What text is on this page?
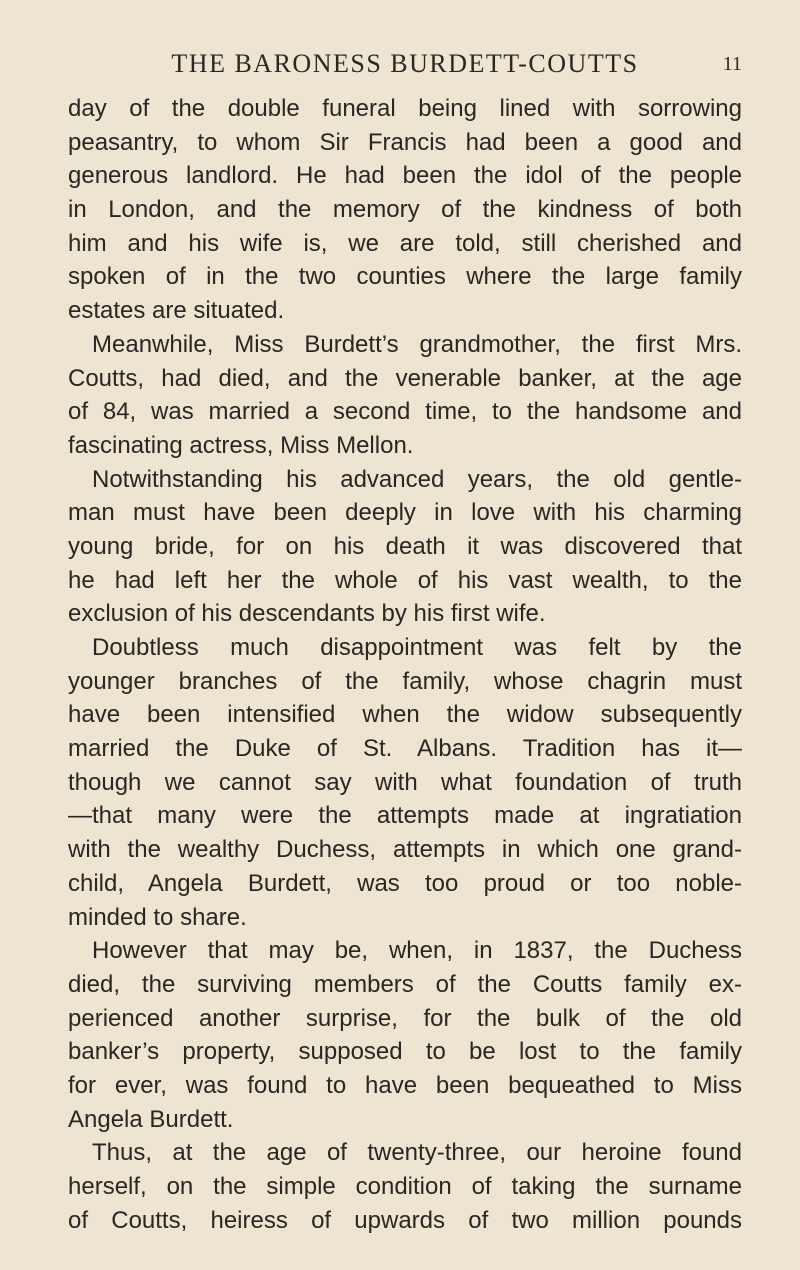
THE BARONESS BURDETT-COUTTS	11
day of the double funeral being lined with sorrowing
peasantry, to whom Sir Francis had been a good and
generous landlord. He had been the idol of the people
in London, and the memory of the kindness of both
him and his wife is, we are told, still cherished and
spoken of in the two counties where the large family
estates are situated.
Meanwhile, Miss Burdett’s grandmother, the first Mrs.
Coutts, had died, and the venerable banker, at the age
of 84, was married a second time, to the handsome and
fascinating actress, Miss Mellon.
Notwithstanding his advanced years, the old gentle-
man must have been deeply in love with his charming
young bride, for on his death it was discovered that
he had left her the whole of his vast wealth, to the
exclusion of his descendants by his first wife.
Doubtless much disappointment was felt by the
younger branches of the family, whose chagrin must
have been intensified when the widow subsequently
married the Duke of St. Albans. Tradition has it—
though we cannot say with what foundation of truth
—that many were the attempts made at ingratiation
with the wealthy Duchess, attempts in which one grand-
child, Angela Burdett, was too proud or too noble-
minded to share.
However that may be, when, in 1837, the Duchess
died, the surviving members of the Coutts family ex-
perienced another surprise, for the bulk of the old
banker’s property, supposed to be lost to the family
for ever, was found to have been bequeathed to Miss
Angela Burdett.
Thus, at the age of twenty-three, our heroine found
herself, on the simple condition of taking the surname
of Coutts, heiress of upwards of two million pounds
